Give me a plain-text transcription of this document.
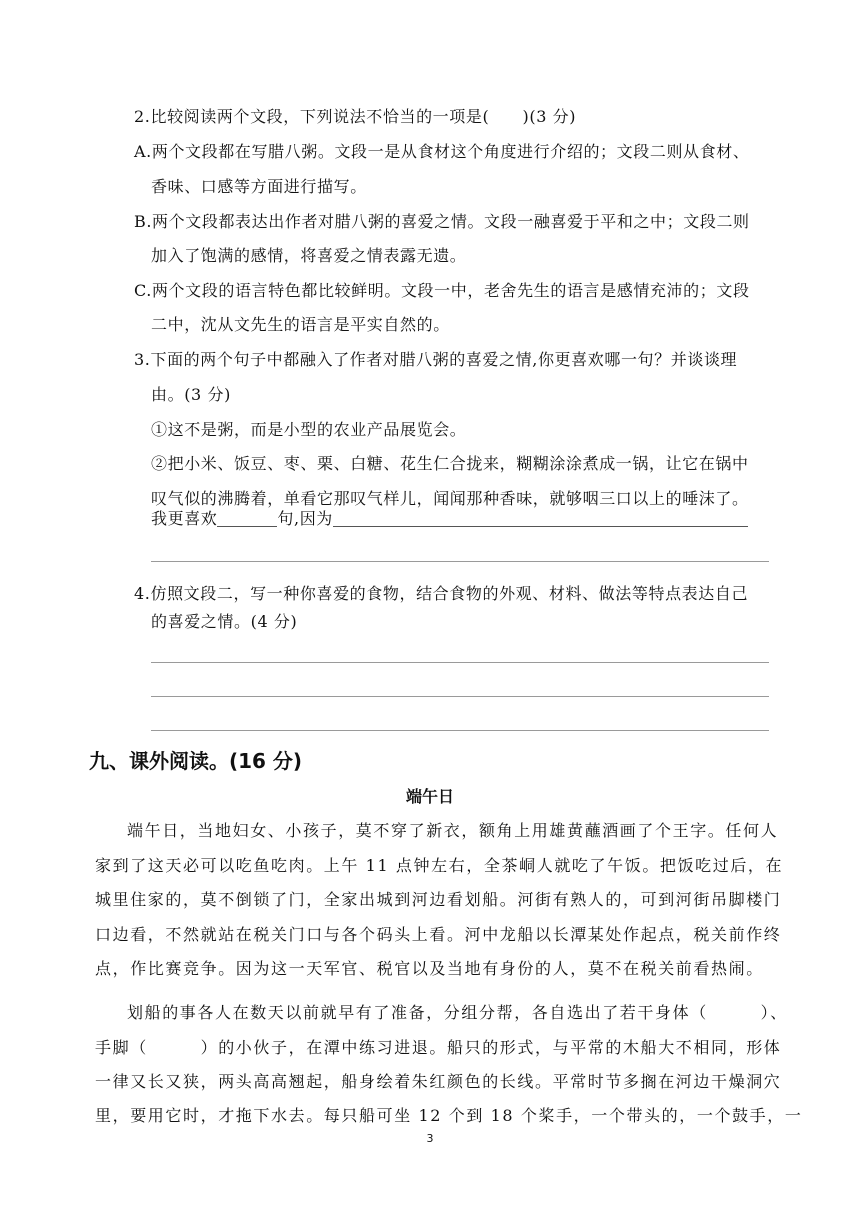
2.比较阅读两个文段，下列说法不恰当的一项是(　　)(3 分)
A.两个文段都在写腊八粥。文段一是从食材这个角度进行介绍的；文段二则从食材、
香味、口感等方面进行描写。
B.两个文段都表达出作者对腊八粥的喜爱之情。文段一融喜爱于平和之中；文段二则
加入了饱满的感情，将喜爱之情表露无遗。
C.两个文段的语言特色都比较鲜明。文段一中，老舍先生的语言是感情充沛的；文段
二中，沈从文先生的语言是平实自然的。
3.下面的两个句子中都融入了作者对腊八粥的喜爱之情,你更喜欢哪一句？并谈谈理
由。(3 分)
①这不是粥，而是小型的农业产品展览会。
②把小米、饭豆、枣、栗、白糖、花生仁合拢来，糊糊涂涂煮成一锅，让它在锅中
叹气似的沸腾着，单看它那叹气样儿，闻闻那种香味，就够咽三口以上的唾沫了。
我更喜欢	句,因为
4.仿照文段二，写一种你喜爱的食物，结合食物的外观、材料、做法等特点表达自己
的喜爱之情。(4 分)
九、课外阅读。(16 分)
端午日
端午日，当地妇女、小孩子，莫不穿了新衣，额角上用雄黄蘸酒画了个王字。任何人
家到了这天必可以吃鱼吃肉。上午 11 点钟左右，全茶峒人就吃了午饭。把饭吃过后，在
城里住家的，莫不倒锁了门，全家出城到河边看划船。河街有熟人的，可到河街吊脚楼门
口边看，不然就站在税关门口与各个码头上看。河中龙船以长潭某处作起点，税关前作终
点，作比赛竞争。因为这一天军官、税官以及当地有身份的人，莫不在税关前看热闹。
划船的事各人在数天以前就早有了准备，分组分帮，各自选出了若干身体（　　　）、
手脚（　　　）的小伙子，在潭中练习进退。船只的形式，与平常的木船大不相同，形体
一律又长又狭，两头高高翘起，船身绘着朱红颜色的长线。平常时节多搁在河边干燥洞穴
里，要用它时，才拖下水去。每只船可坐 12 个到 18 个桨手，一个带头的，一个鼓手，一
3
